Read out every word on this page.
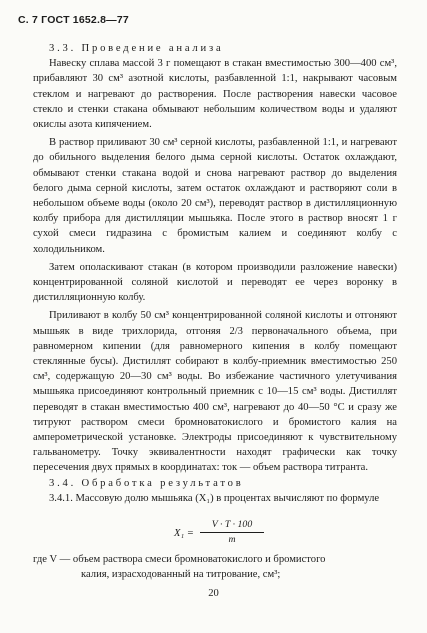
С. 7 ГОСТ 1652.8—77

3.3. Проведение анализа

Навеску сплава массой 3 г помещают в стакан вместимостью 300—400 см³, прибавляют 30 см³ азотной кислоты, разбавленной 1:1, накрывают часовым стеклом и нагревают до растворения. После растворения навески часовое стекло и стенки стакана обмывают небольшим количеством воды и удаляют окислы азота кипячением.

В раствор приливают 30 см³ серной кислоты, разбавленной 1:1, и нагревают до обильного выделения белого дыма серной кислоты. Остаток охлаждают, обмывают стенки стакана водой и снова нагревают раствор до выделения белого дыма серной кислоты, затем остаток охлаждают и растворяют соли в небольшом объеме воды (около 20 см³), переводят раствор в дистилляционную колбу прибора для дистилляции мышьяка. После этого в раствор вносят 1 г сухой смеси гидразина с бромистым калием и соединяют колбу с холодильником.

Затем ополаскивают стакан (в котором производили разложение навески) концентрированной соляной кислотой и переводят ее через воронку в дистилляционную колбу.

Приливают в колбу 50 см³ концентрированной соляной кислоты и отгоняют мышьяк в виде трихлорида, отгоняя 2/3 первоначального объема, при равномерном кипении (для равномерного кипения в колбу помещают стеклянные бусы). Дистиллят собирают в колбу-приемник вместимостью 250 см³, содержащую 20—30 см³ воды. Во избежание частичного улетучивания мышьяка присоединяют контрольный приемник с 10—15 см³ воды. Дистиллят переводят в стакан вместимостью 400 см³, нагревают до 40—50 °С и сразу же титруют раствором смеси бромноватокислого и бромистого калия на амперометрической установке. Электроды присоединяют к чувствительному гальванометру. Точку эквивалентности находят графически как точку пересечения двух прямых в координатах: ток — объем раствора титранта.

3.4. Обработка результатов

3.4.1. Массовую долю мышьяка (X₁) в процентах вычисляют по формуле

$X_1 = \frac{V \cdot T \cdot 100}{m}$
где V — объем раствора смеси бромноватокислого и бромистого
калия, израсходованный на титрование, см³;
20
